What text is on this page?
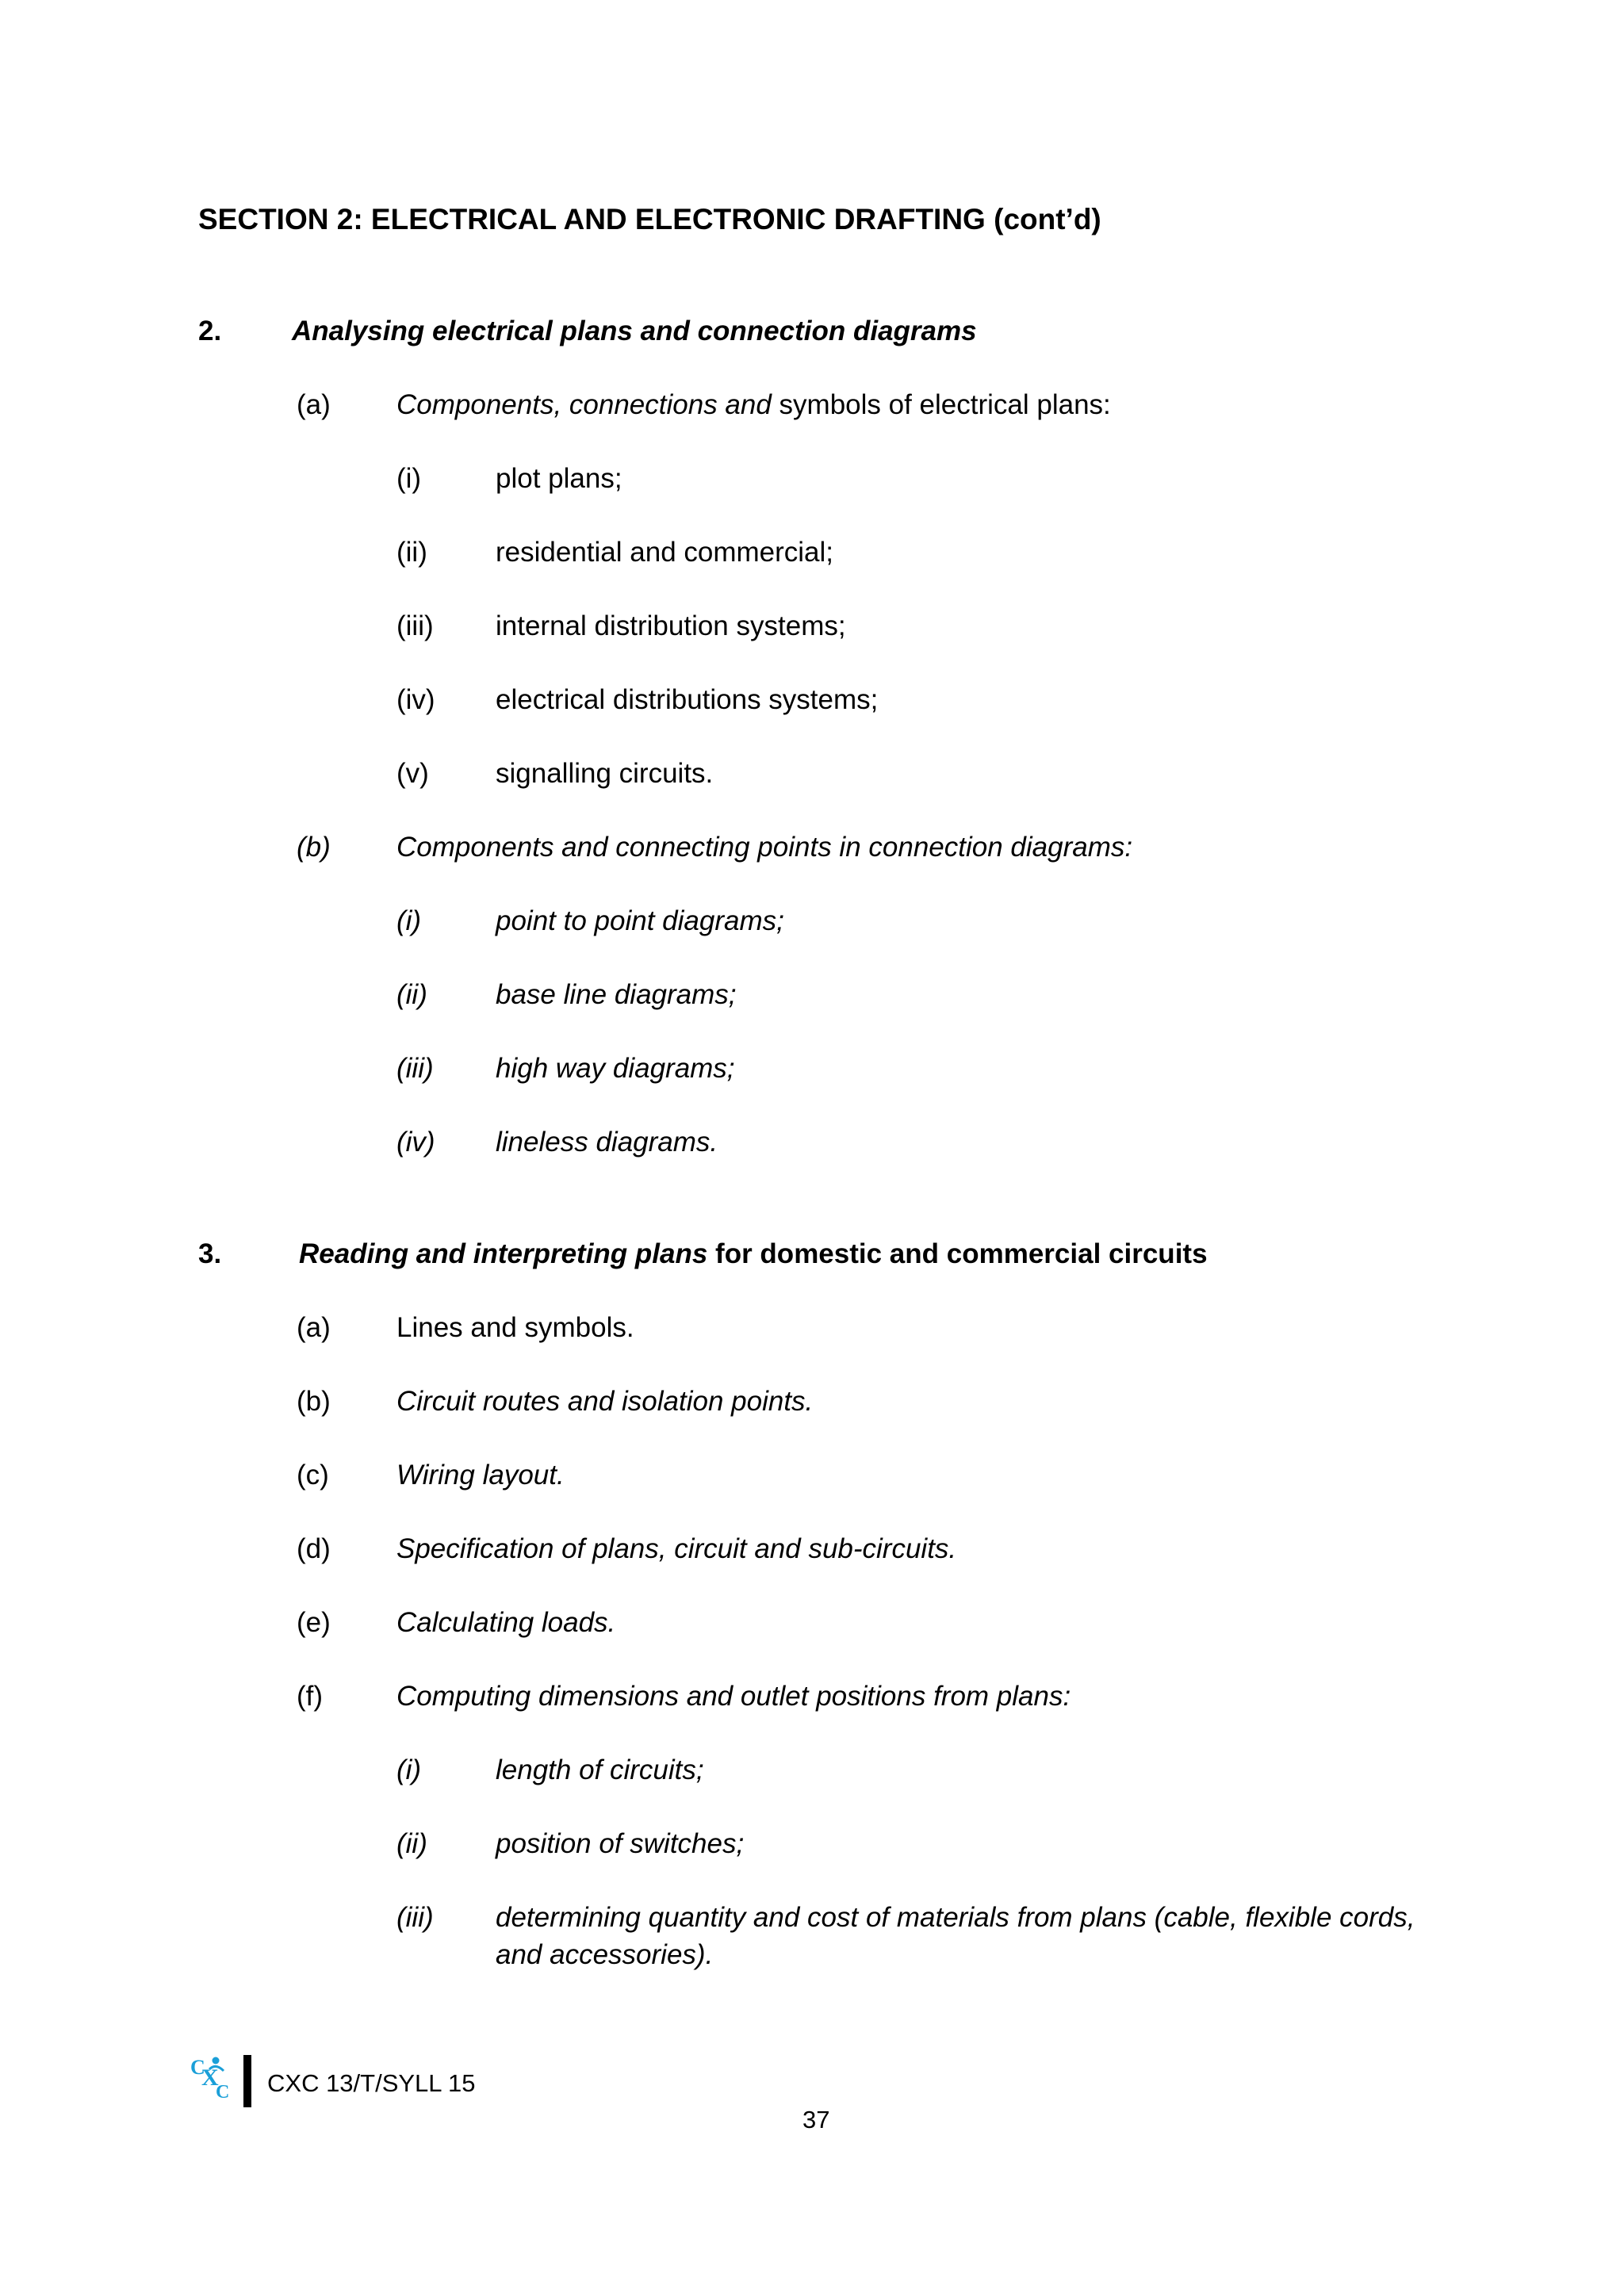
SECTION 2: ELECTRICAL AND ELECTRONIC DRAFTING (cont’d)
2.	Analysing electrical plans and connection diagrams
(a) Components, connections and symbols of electrical plans:
(i)	plot plans;
(ii) residential and commercial;
(iii) internal distribution systems;
(iv) electrical distributions systems;
(v) signalling circuits.
(b) Components and connecting points in connection diagrams:
(i)	point to point diagrams;
(ii) base line diagrams;
(iii) high way diagrams;
(iv) lineless diagrams.
3.	Reading and interpreting plans for domestic and commercial circuits
(a) Lines and symbols.
(b) Circuit routes and isolation points.
(c) Wiring layout.
(d) Specification of plans, circuit and sub-circuits.
(e) Calculating loads.
(f)	Computing dimensions and outlet positions from plans:
(i)	length of circuits;
(ii) position of switches;
(iii) determining quantity and cost of materials from plans (cable, flexible cords,
and accessories).
C
X
C CXC 13/T/SYLL 15
37
